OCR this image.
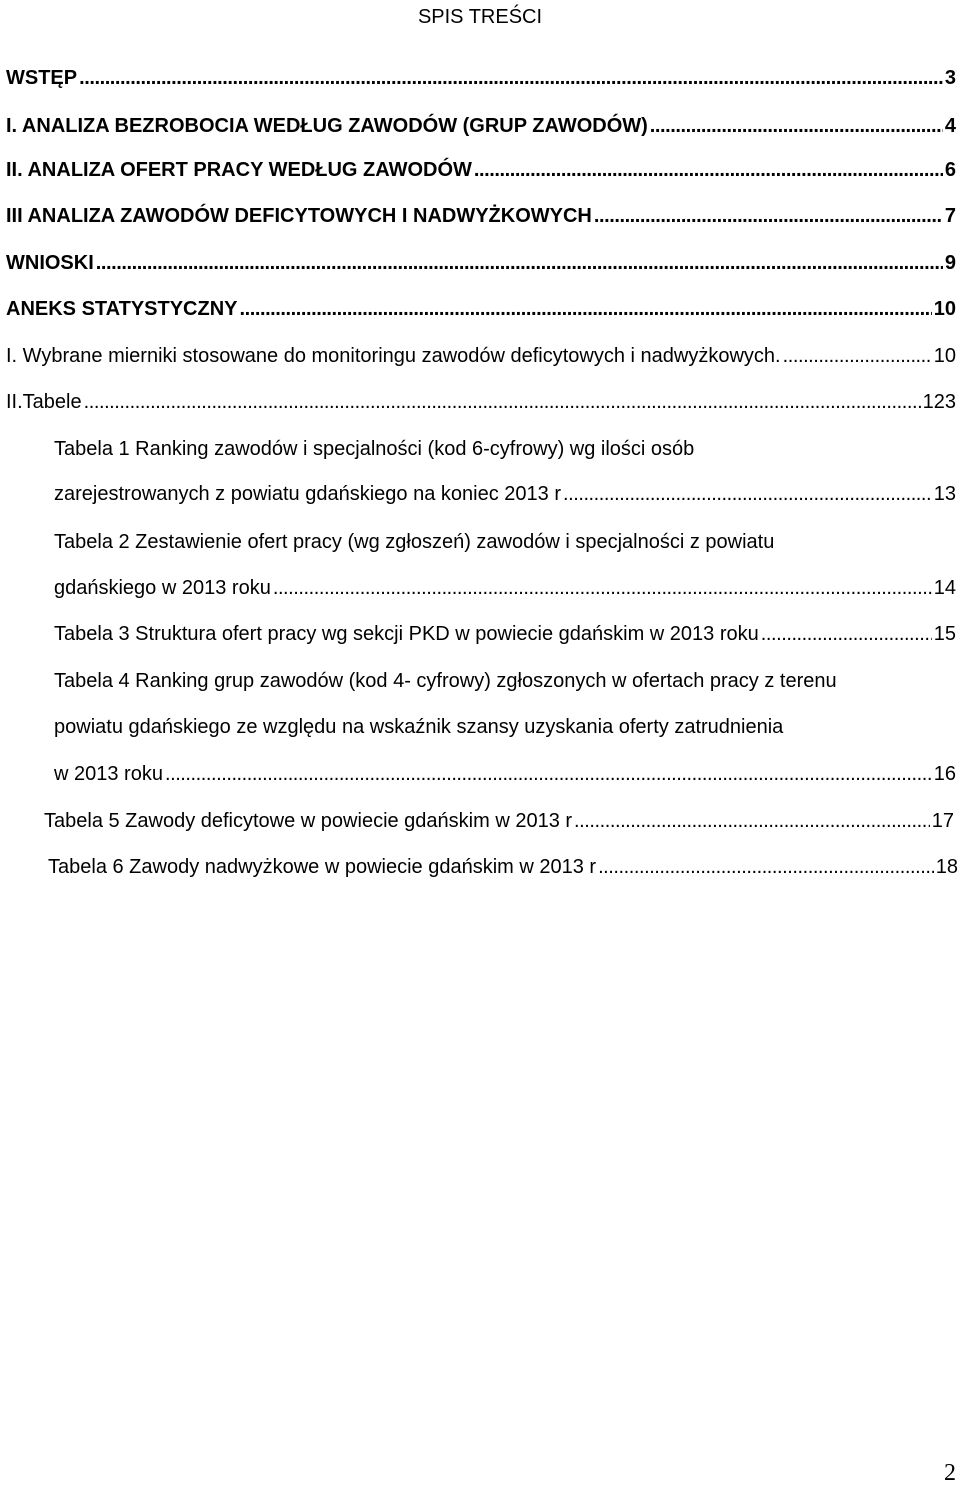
SPIS TREŚCI
WSTĘP . . .	3
I. ANALIZA BEZROBOCIA WEDŁUG ZAWODÓW (GRUP ZAWODÓW) . . .	4
II. ANALIZA OFERT PRACY WEDŁUG ZAWODÓW . . .	6
III ANALIZA ZAWODÓW DEFICYTOWYCH I NADWYŻKOWYCH . . .	7
WNIOSKI . . .	9
ANEKS STATYSTYCZNY . . .	10
I. Wybrane mierniki stosowane do monitoringu zawodów deficytowych i nadwyżkowych. . . .	10
II.Tabele . . .	123
Tabela 1 Ranking zawodów i specjalności (kod 6-cyfrowy) wg ilości osób
zarejestrowanych z powiatu gdańskiego na koniec 2013 r . . .	13
Tabela 2 Zestawienie ofert pracy (wg zgłoszeń) zawodów i specjalności z powiatu
gdańskiego w 2013 roku . . .	14
Tabela 3 Struktura ofert pracy wg sekcji PKD w powiecie gdańskim w 2013 roku . . .	15
Tabela 4 Ranking grup zawodów (kod 4- cyfrowy) zgłoszonych w ofertach pracy z terenu
powiatu gdańskiego ze względu na wskaźnik szansy uzyskania oferty zatrudnienia
w 2013 roku . . .	16
Tabela 5 Zawody deficytowe w powiecie gdańskim w 2013 r . . .	17
Tabela 6 Zawody nadwyżkowe w powiecie gdańskim w 2013 r . . .	18
2
